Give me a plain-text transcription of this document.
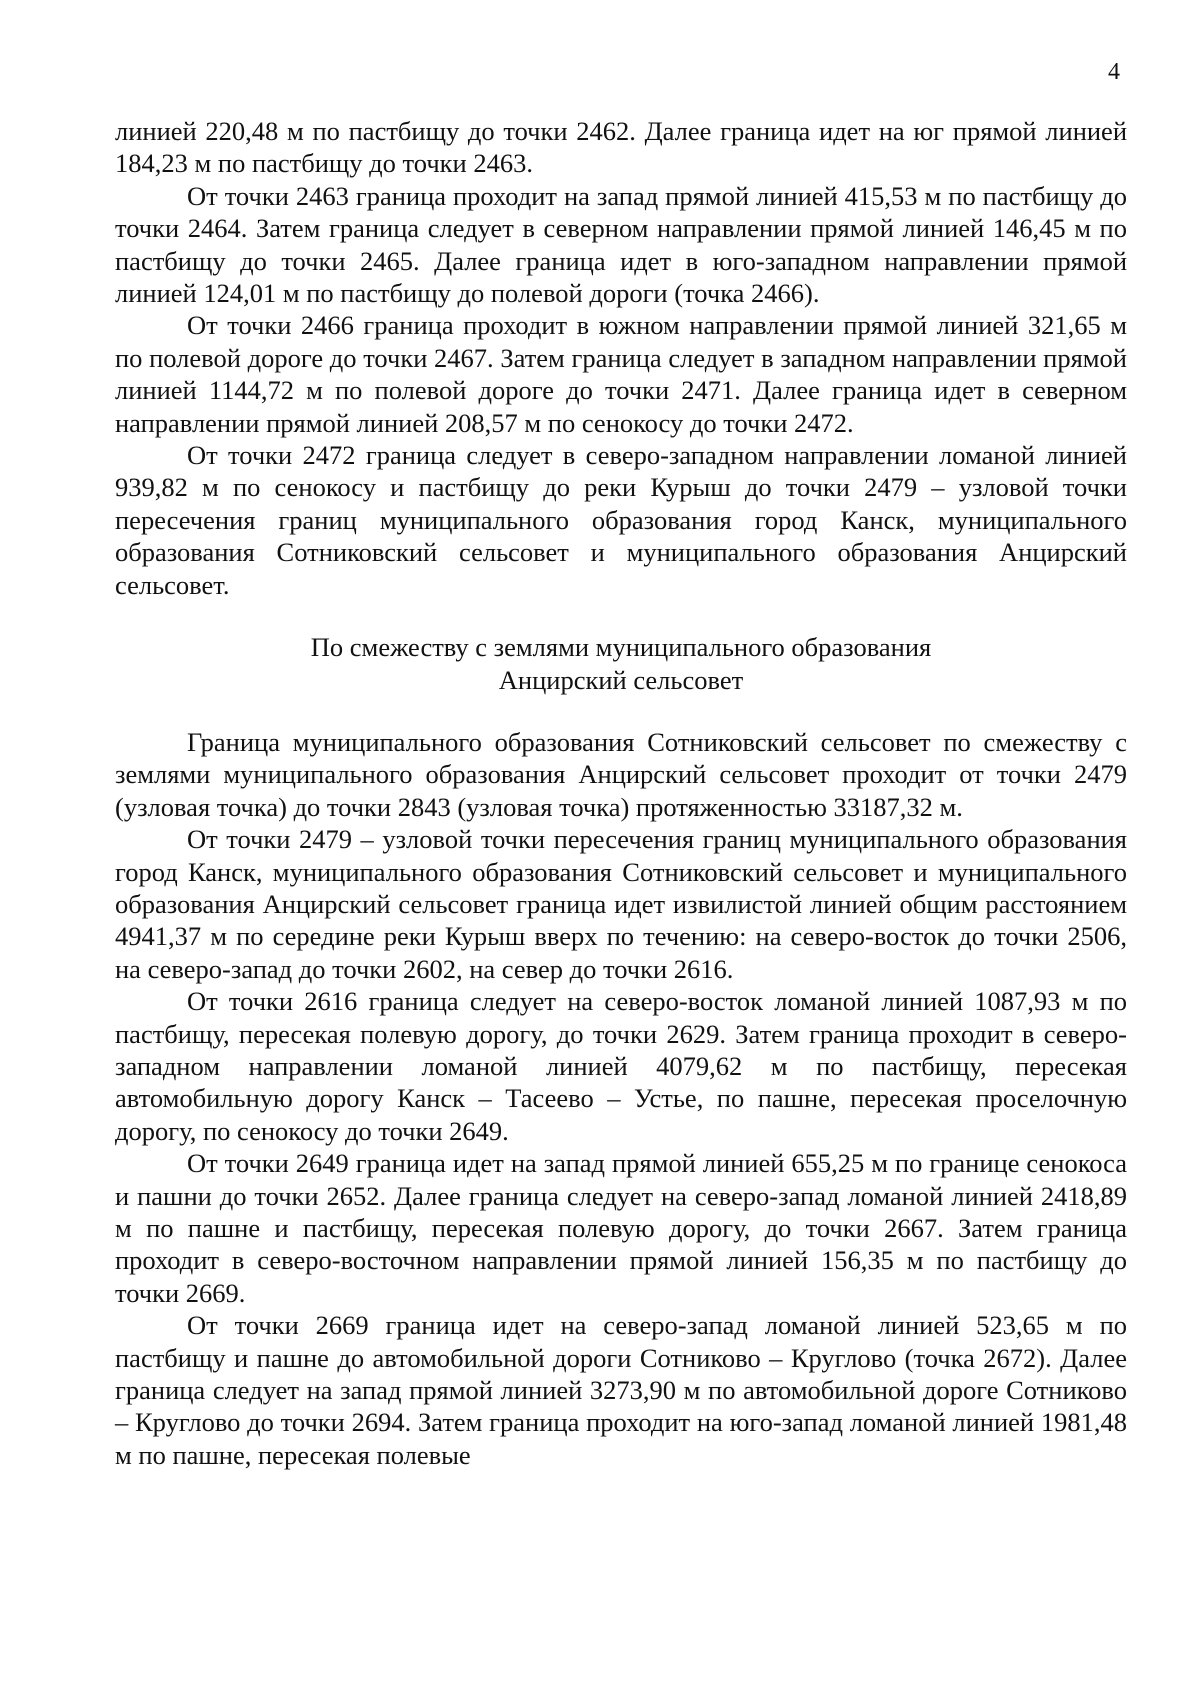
4

линией 220,48 м по пастбищу до точки 2462. Далее граница идет на юг прямой линией 184,23 м по пастбищу до точки 2463.

От точки 2463 граница проходит на запад прямой линией 415,53 м по пастбищу до точки 2464. Затем граница следует в северном направлении прямой линией 146,45 м по пастбищу до точки 2465. Далее граница идет в юго-западном направлении прямой линией 124,01 м по пастбищу до полевой дороги (точка 2466).

От точки 2466 граница проходит в южном направлении прямой линией 321,65 м по полевой дороге до точки 2467. Затем граница следует в западном направлении прямой линией 1144,72 м по полевой дороге до точки 2471. Далее граница идет в северном направлении прямой линией 208,57 м по сенокосу до точки 2472.

От точки 2472 граница следует в северо-западном направлении ломаной линией 939,82 м по сенокосу и пастбищу до реки Курыш до точки 2479 – узловой точки пересечения границ муниципального образования город Канск, муниципального образования Сотниковский сельсовет и муниципального образования Анцирский сельсовет.

По смежеству с землями муниципального образования
Анцирский сельсовет

Граница муниципального образования Сотниковский сельсовет по смежеству с землями муниципального образования Анцирский сельсовет проходит от точки 2479 (узловая точка) до точки 2843 (узловая точка) протяженностью 33187,32 м.

От точки 2479 – узловой точки пересечения границ муниципального образования город Канск, муниципального образования Сотниковский сельсовет и муниципального образования Анцирский сельсовет граница идет извилистой линией общим расстоянием 4941,37 м по середине реки Курыш вверх по течению: на северо-восток до точки 2506, на северо-запад до точки 2602, на север до точки 2616.

От точки 2616 граница следует на северо-восток ломаной линией 1087,93 м по пастбищу, пересекая полевую дорогу, до точки 2629. Затем граница проходит в северо-западном направлении ломаной линией 4079,62 м по пастбищу, пересекая автомобильную дорогу Канск – Тасеево – Устье, по пашне, пересекая проселочную дорогу, по сенокосу до точки 2649.

От точки 2649 граница идет на запад прямой линией 655,25 м по границе сенокоса и пашни до точки 2652. Далее граница следует на северо-запад ломаной линией 2418,89 м по пашне и пастбищу, пересекая полевую дорогу, до точки 2667. Затем граница проходит в северо-восточном направлении прямой линией 156,35 м по пастбищу до точки 2669.

От точки 2669 граница идет на северо-запад ломаной линией 523,65 м по пастбищу и пашне до автомобильной дороги Сотниково – Круглово (точка 2672). Далее граница следует на запад прямой линией 3273,90 м по автомобильной дороге Сотниково – Круглово до точки 2694. Затем граница проходит на юго-запад ломаной линией 1981,48 м по пашне, пересекая полевые
